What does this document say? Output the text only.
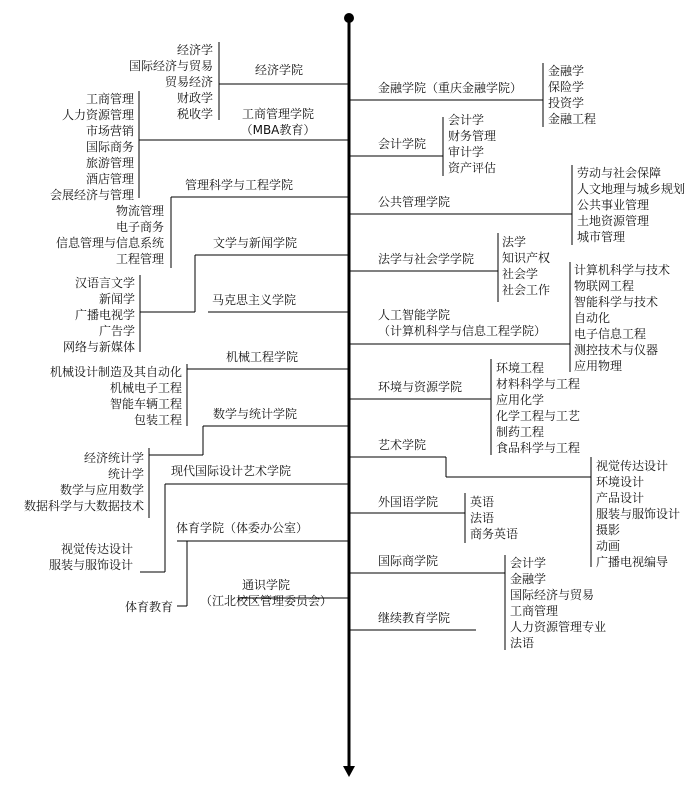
经济学
国际经济与贸易
贸易经济
财政学
税收学
经济学院
工商管理
人力资源管理
市场营销
国际商务
旅游管理
酒店管理
会展经济与管理
工商管理学院
（MBA教育）
管理科学与工程学院
物流管理
电子商务
信息管理与信息系统
工程管理
文学与新闻学院
汉语言文学
新闻学
广播电视学
广告学
网络与新媒体
马克思主义学院
机械工程学院
机械设计制造及其自动化
机械电子工程
智能车辆工程
包装工程	数学与统计学院
经济统计学
统计学
数学与应用数学
数据科学与大数据技术
现代国际设计艺术学院
视觉传达设计
服装与服饰设计
体育学院（体委办公室）
体育教育
通识学院
（江北校区管理委员会）
金融学院（重庆金融学院）
金融学
保险学
投资学
金融工程
会计学院
会计学
财务管理
审计学
资产评估
公共管理学院
劳动与社会保障
人文地理与城乡规划
公共事业管理
土地资源管理
城市管理
法学与社会学学院
法学
知识产权
社会学
社会工作
人工智能学院
（计算机科学与信息工程学院）
计算机科学与技术
物联网工程
智能科学与技术
自动化
电子信息工程
测控技术与仪器
应用物理
环境与资源学院
环境工程
材料科学与工程
应用化学
化学工程与工艺
制药工程
食品科学与工程
艺术学院
视觉传达设计
环境设计
产品设计
服装与服饰设计
摄影
动画
广播电视编导
外国语学院	英语
法语
商务英语
国际商学院	会计学
金融学
国际经济与贸易
工商管理
人力资源管理专业
法语
继续教育学院
